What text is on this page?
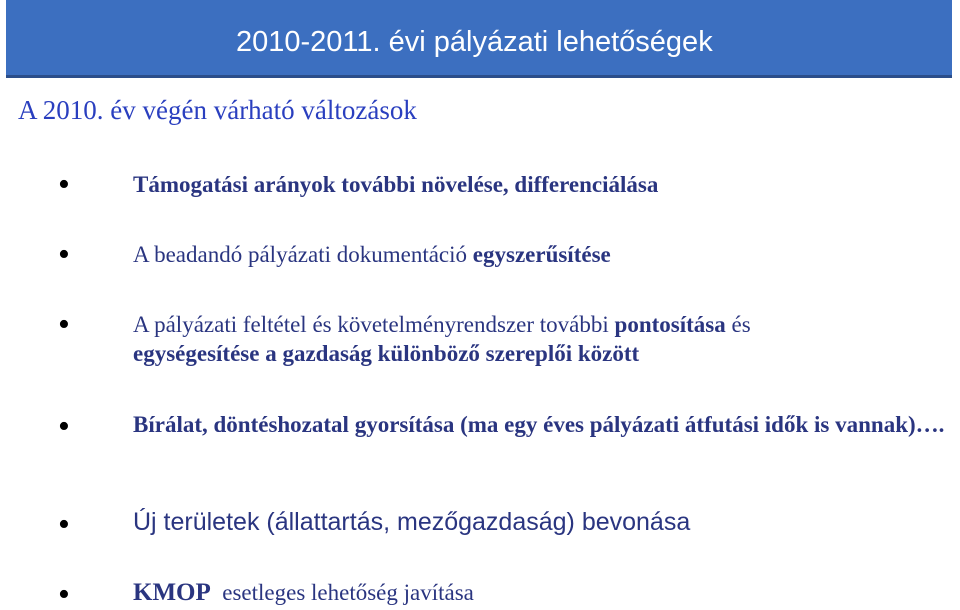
2010-2011. évi pályázati lehetőségek
A 2010. év végén várható változások
•	Támogatási arányok további növelése, differenciálása
•	A beadandó pályázati dokumentáció egyszerűsítése
•	A pályázati feltétel és követelményrendszer további pontosítása és
egységesítése a gazdaság különböző szereplői között
•	Bírálat, döntéshozatal gyorsítása (ma egy éves pályázati átfutási idők is vannak)….
•	Új területek (állattartás, mezőgazdaság) bevonása
•	KMOP  esetleges lehetőség javítása
